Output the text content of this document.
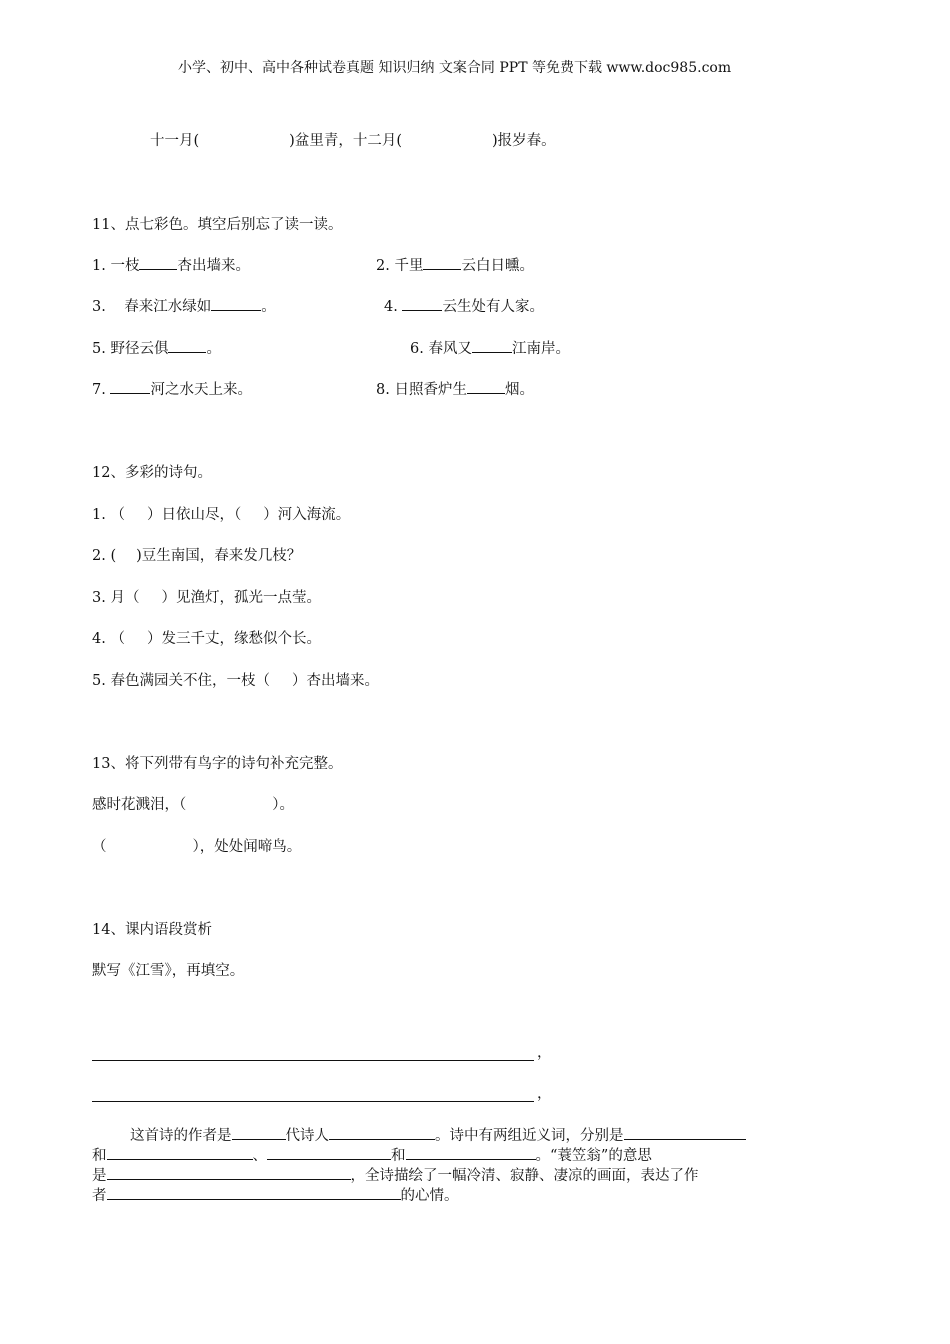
小学、初中、高中各种试卷真题 知识归纳 文案合同 PPT 等免费下载 www.doc985.com
十一月(	)盆里青，十二月(	)报岁春。
11、点七彩色。填空后别忘了读一读。
1. 一枝	杏出墙来。	2. 千里	云白日曛。
3.    春来江水绿如	。	4.	云生处有人家。
5. 野径云俱	。	6. 春风又	江南岸。
7.	河之水天上来。	8. 日照香炉生	烟。
12、多彩的诗句。
1. （ ）日依山尽，（ ）河入海流。
2. ( )豆生南国，春来发几枝？
3. 月（ ）见渔灯，孤光一点莹。
4. （ ）发三千丈，缘愁似个长。
5. 春色满园关不住，一枝（ ）杏出墙来。
13、将下列带有鸟字的诗句补充完整。
感时花溅泪，（	）。
（	），处处闻啼鸟。
14、课内语段赏析
默写《江雪》，再填空。
，
，
这首诗的作者是	代诗人	。诗中有两组近义词，分别是
和	、	和	。“蓑笠翁”的意思
是	，全诗描绘了一幅冷清、寂静、凄凉的画面，表达了作
者	的心情。
